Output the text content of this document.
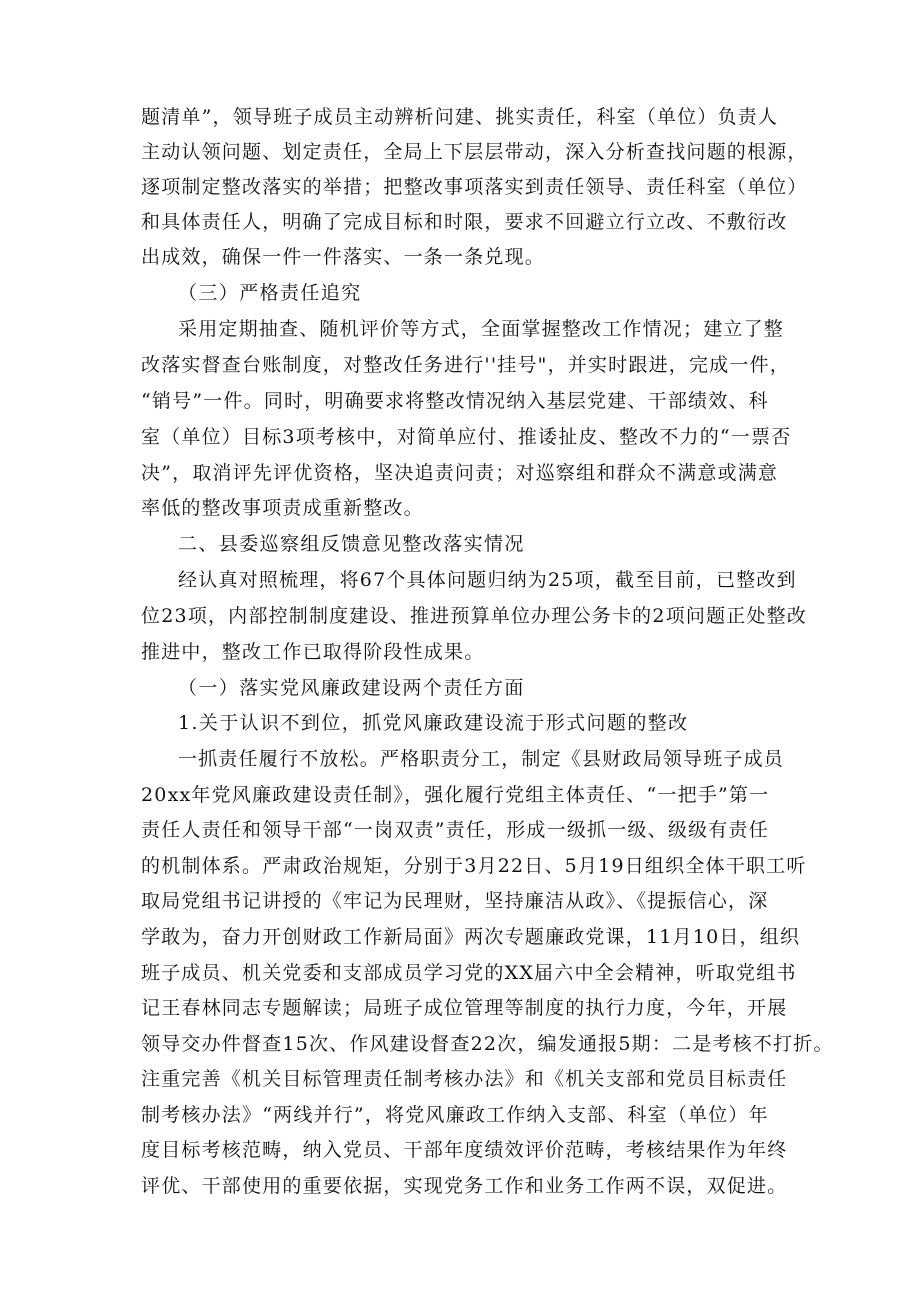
题清单”，领导班子成员主动辨析问建、挑实责任，科室（单位）负责人
主动认领问题、划定责任，全局上下层层带动，深入分析查找问题的根源，
逐项制定整改落实的举措；把整改事项落实到责任领导、责任科室（单位）
和具体责任人，明确了完成目标和时限，要求不回避立行立改、不敷衍改
出成效，确保一件一件落实、一条一条兑现。
（三）严格责任追究
采用定期抽查、随机评价等方式，全面掌握整改工作情况；建立了整
改落实督查台账制度，对整改任务进行''挂号"，并实时跟进，完成一件，
“销号”一件。同时，明确要求将整改情况纳入基层党建、干部绩效、科
室（单位）目标3项考核中，对简单应付、推诿扯皮、整改不力的“一票否
决”，取消评先评优资格，坚决追责问责；对巡察组和群众不满意或满意
率低的整改事项责成重新整改。
二、县委巡察组反馈意见整改落实情况
经认真对照梳理，将67个具体问题归纳为25项，截至目前，已整改到
位23项，内部控制制度建设、推进预算单位办理公务卡的2项问题正处整改
推进中，整改工作已取得阶段性成果。
（一）落实党风廉政建设两个责任方面
1.关于认识不到位，抓党风廉政建设流于形式问题的整改
一抓责任履行不放松。严格职责分工，制定《县财政局领导班子成员
20xx年党风廉政建设责任制》，强化履行党组主体责任、“一把手”第一
责任人责任和领导干部“一岗双责”责任，形成一级抓一级、级级有责任
的机制体系。严肃政治规矩，分别于3月22日、5月19日组织全体干职工听
取局党组书记讲授的《牢记为民理财，坚持廉洁从政》、《提振信心，深
学敢为，奋力开创财政工作新局面》两次专题廉政党课，11月10日，组织
班子成员、机关党委和支部成员学习党的XX届六中全会精神，听取党组书
记王春林同志专题解读；局班子成位管理等制度的执行力度，今年，开展
领导交办件督查15次、作风建设督查22次，编发通报5期：二是考核不打折。
注重完善《机关目标管理责任制考核办法》和《机关支部和党员目标责任
制考核办法》“两线并行”，将党风廉政工作纳入支部、科室（单位）年
度目标考核范畴，纳入党员、干部年度绩效评价范畴，考核结果作为年终
评优、干部使用的重要依据，实现党务工作和业务工作两不误，双促进。
